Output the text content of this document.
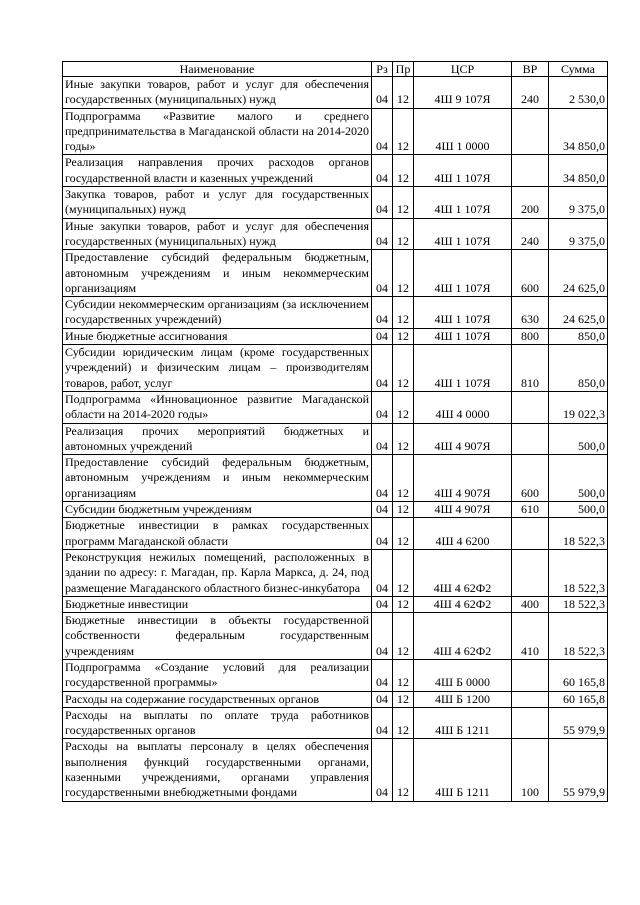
Наименование	Рз	Пр	ЦСР	ВР	Сумма
Иные закупки товаров, работ и услуг для обеспечения государственных (муниципальных) нужд	04	12	4Ш 9 107Я	240	2 530,0
Подпрограмма «Развитие малого и среднего предпринимательства в Магаданской области на 2014-2020 годы»	04	12	4Ш 1 0000		34 850,0
Реализация направления прочих расходов органов государственной власти и казенных учреждений	04	12	4Ш 1 107Я		34 850,0
Закупка товаров, работ и услуг для государственных (муниципальных) нужд	04	12	4Ш 1 107Я	200	9 375,0
Иные закупки товаров, работ и услуг для обеспечения государственных (муниципальных) нужд	04	12	4Ш 1 107Я	240	9 375,0
Предоставление субсидий федеральным бюджетным, автономным учреждениям и иным некоммерческим организациям	04	12	4Ш 1 107Я	600	24 625,0
Субсидии некоммерческим организациям (за исключением государственных учреждений)	04	12	4Ш 1 107Я	630	24 625,0
Иные бюджетные ассигнования	04	12	4Ш 1 107Я	800	850,0
Субсидии юридическим лицам (кроме государственных учреждений) и физическим лицам – производителям товаров, работ, услуг	04	12	4Ш 1 107Я	810	850,0
Подпрограмма «Инновационное развитие Магаданской области на 2014-2020 годы»	04	12	4Ш 4 0000		19 022,3
Реализация прочих мероприятий бюджетных и автономных учреждений	04	12	4Ш 4 907Я		500,0
Предоставление субсидий федеральным бюджетным, автономным учреждениям и иным некоммерческим организациям	04	12	4Ш 4 907Я	600	500,0
Субсидии бюджетным учреждениям	04	12	4Ш 4 907Я	610	500,0
Бюджетные инвестиции в рамках государственных программ Магаданской области	04	12	4Ш 4 6200		18 522,3
Реконструкция нежилых помещений, расположенных в здании по адресу: г. Магадан, пр. Карла Маркса, д. 24, под размещение Магаданского областного бизнес-инкубатора	04	12	4Ш 4 62Ф2		18 522,3
Бюджетные инвестиции	04	12	4Ш 4 62Ф2	400	18 522,3
Бюджетные инвестиции в объекты государственной собственности федеральным государственным учреждениям	04	12	4Ш 4 62Ф2	410	18 522,3
Подпрограмма «Создание условий для реализации государственной программы»	04	12	4Ш Б 0000		60 165,8
Расходы на содержание государственных органов	04	12	4Ш Б 1200		60 165,8
Расходы на выплаты по оплате труда работников государственных органов	04	12	4Ш Б 1211		55 979,9
Расходы на выплаты персоналу в целях обеспечения выполнения функций государственными органами, казенными учреждениями, органами управления государственными внебюджетными фондами	04	12	4Ш Б 1211	100	55 979,9
